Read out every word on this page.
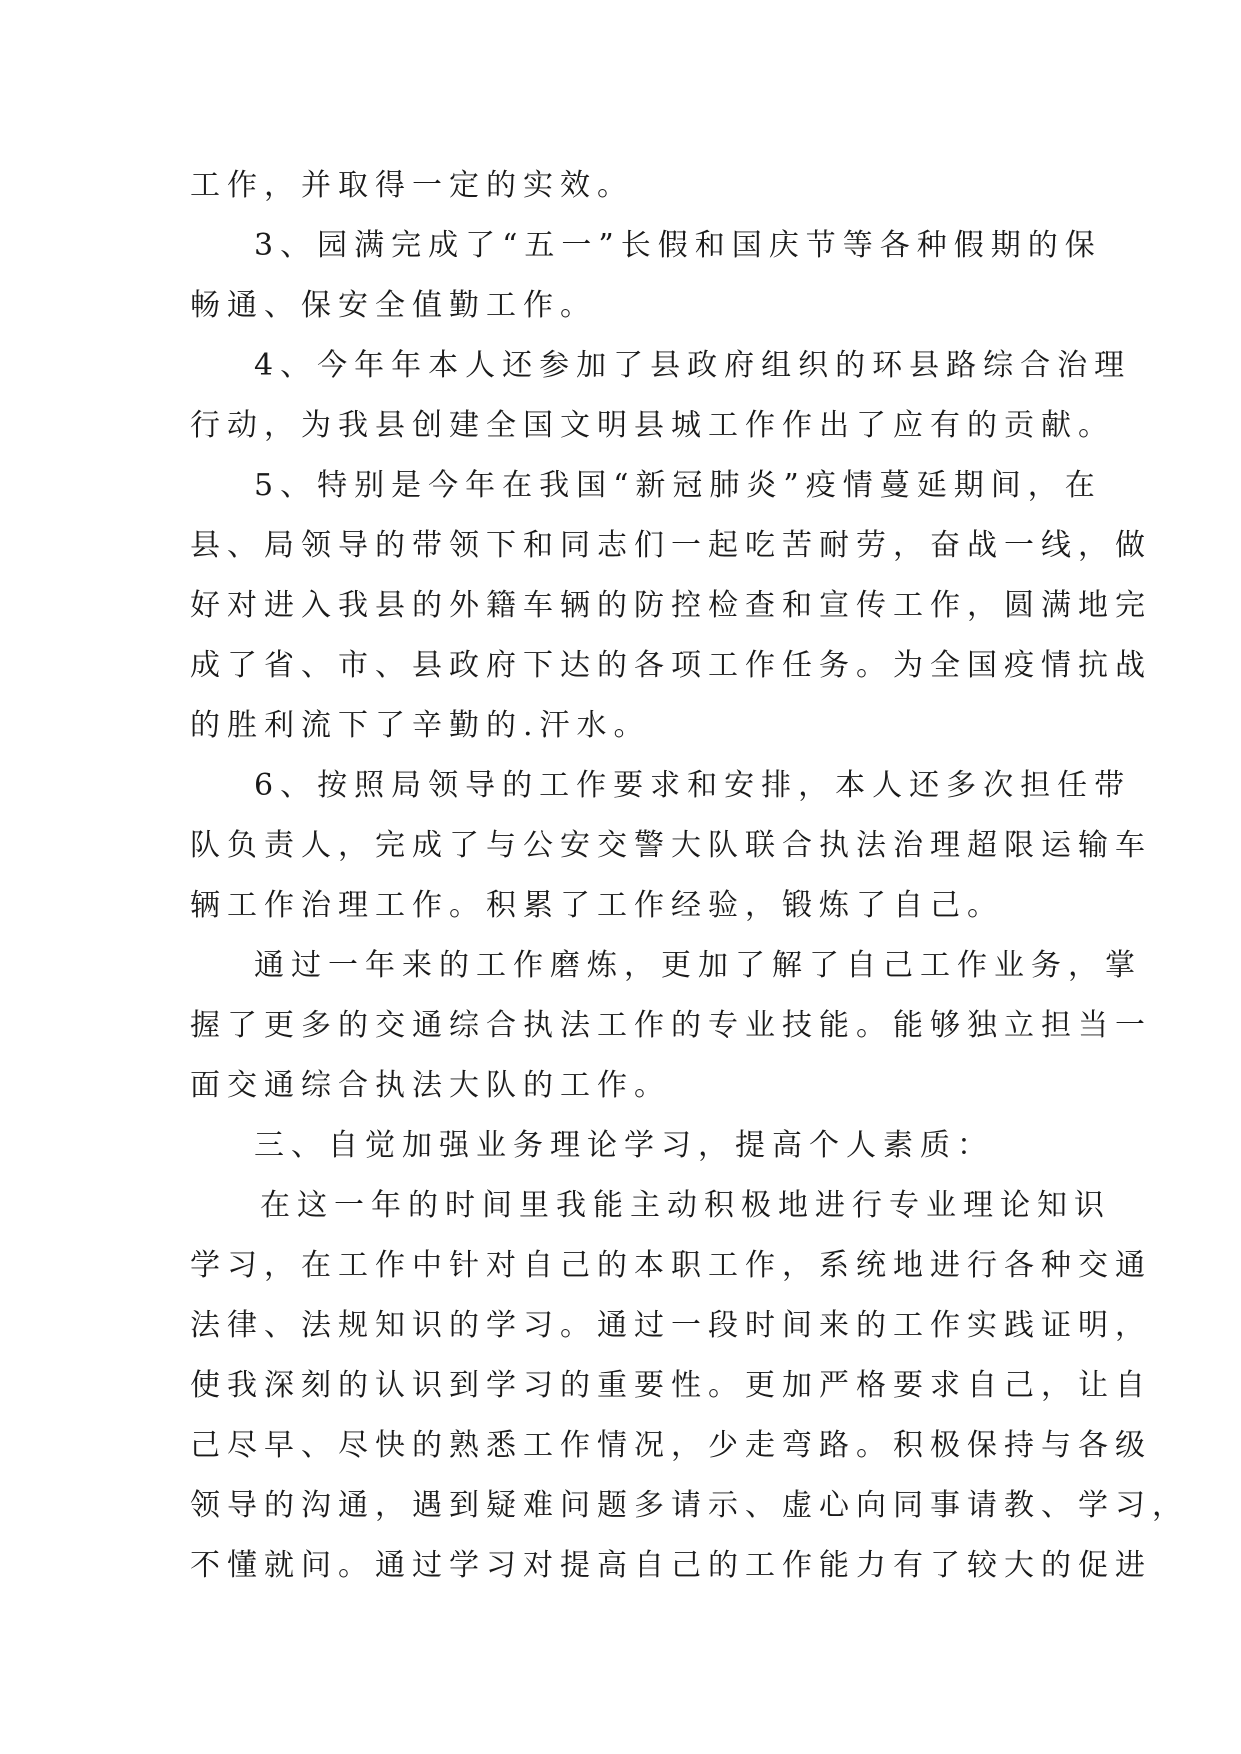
工作，并取得一定的实效。
3、园满完成了“五一”长假和国庆节等各种假期的保
畅通、保安全值勤工作。
4、今年年本人还参加了县政府组织的环县路综合治理
行动，为我县创建全国文明县城工作作出了应有的贡献。
5、特别是今年在我国“新冠肺炎”疫情蔓延期间，在
县、局领导的带领下和同志们一起吃苦耐劳，奋战一线，做
好对进入我县的外籍车辆的防控检查和宣传工作，圆满地完
成了省、市、县政府下达的各项工作任务。为全国疫情抗战
的胜利流下了辛勤的.汗水。
6、按照局领导的工作要求和安排，本人还多次担任带
队负责人，完成了与公安交警大队联合执法治理超限运输车
辆工作治理工作。积累了工作经验，锻炼了自己。
通过一年来的工作磨炼，更加了解了自己工作业务，掌
握了更多的交通综合执法工作的专业技能。能够独立担当一
面交通综合执法大队的工作。
三、自觉加强业务理论学习，提高个人素质：
在这一年的时间里我能主动积极地进行专业理论知识
学习，在工作中针对自己的本职工作，系统地进行各种交通
法律、法规知识的学习。通过一段时间来的工作实践证明，
使我深刻的认识到学习的重要性。更加严格要求自己，让自
己尽早、尽快的熟悉工作情况，少走弯路。积极保持与各级
领导的沟通，遇到疑难问题多请示、虚心向同事请教、学习，
不懂就问。通过学习对提高自己的工作能力有了较大的促进
